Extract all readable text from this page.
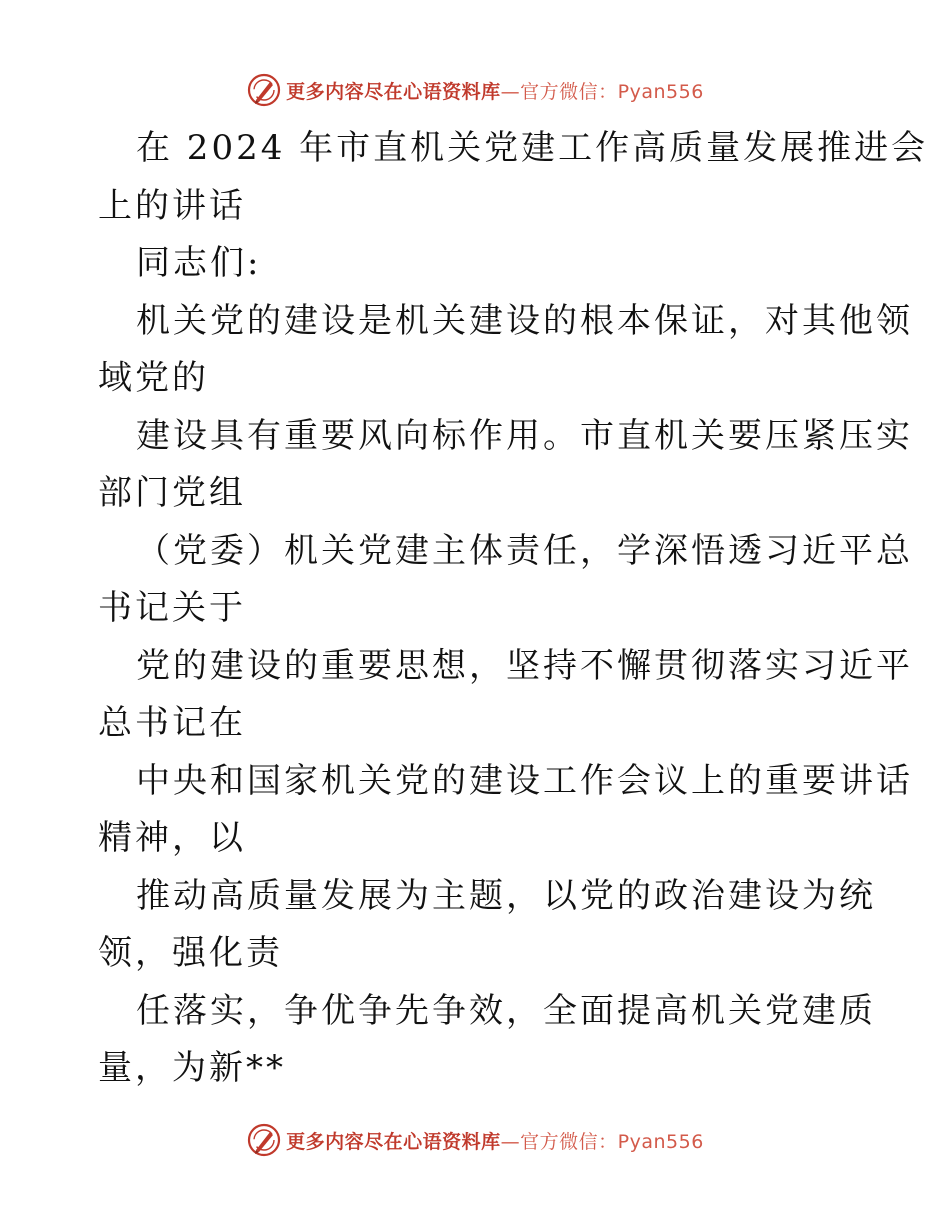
更多内容尽在心语资料库—官方微信：Pyan556
在 2024 年市直机关党建工作高质量发展推进会
上的讲话
同志们:
机关党的建设是机关建设的根本保证，对其他领
域党的
建设具有重要风向标作用。市直机关要压紧压实
部门党组
（党委）机关党建主体责任，学深悟透习近平总
书记关于
党的建设的重要思想，坚持不懈贯彻落实习近平
总书记在
中央和国家机关党的建设工作会议上的重要讲话
精神，以
推动高质量发展为主题，以党的政治建设为统
领，强化责
任落实，争优争先争效，全面提高机关党建质
量，为新**
更多内容尽在心语资料库—官方微信：Pyan556
